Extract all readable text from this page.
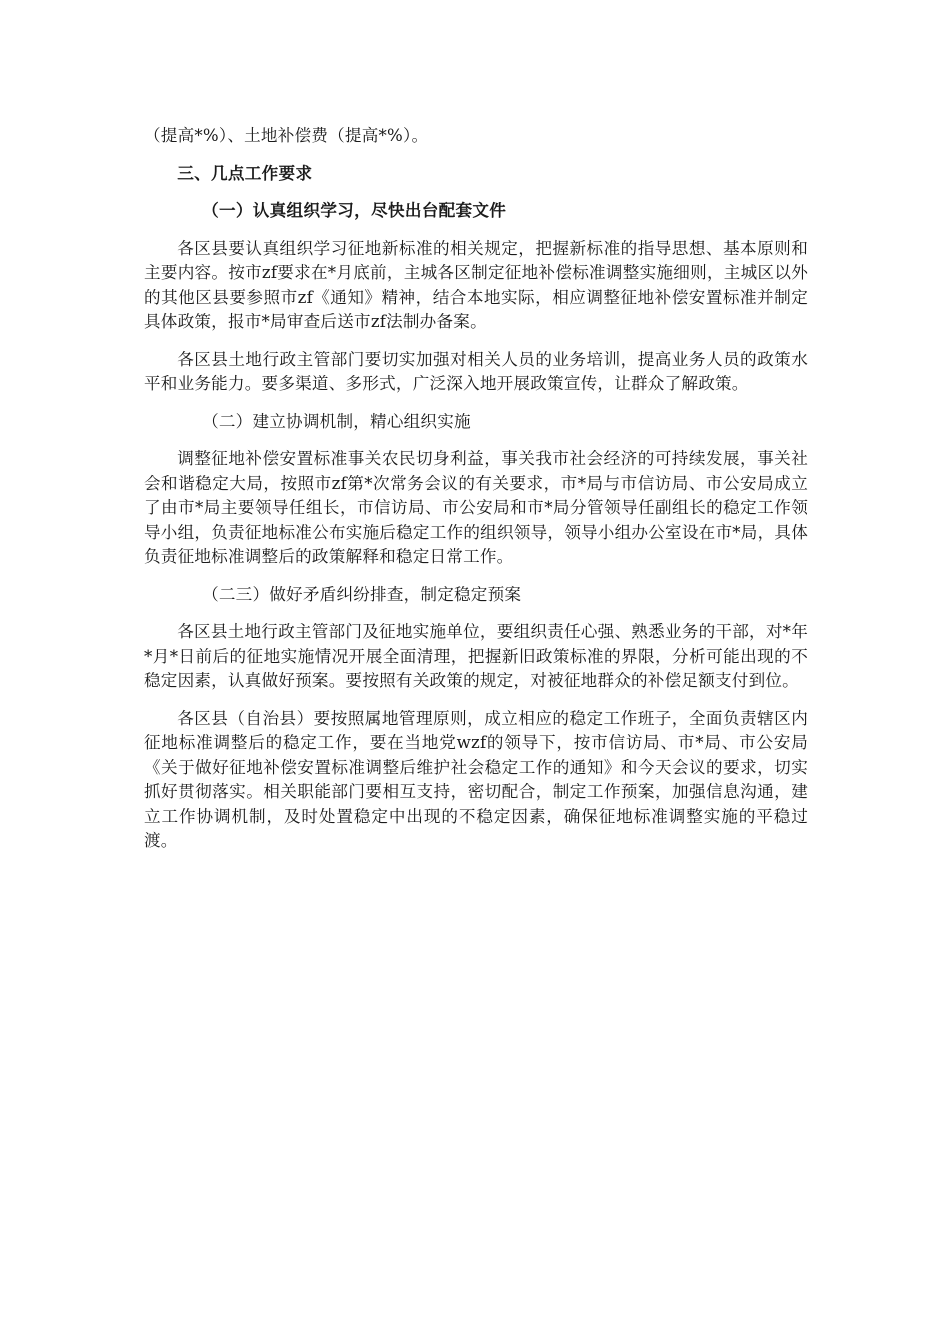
（提高*%）、土地补偿费（提高*%）。

三、几点工作要求

（一）认真组织学习，尽快出台配套文件

各区县要认真组织学习征地新标准的相关规定，把握新标准的指导思想、基本原则和主要内容。按市zf要求在*月底前，主城各区制定征地补偿标准调整实施细则，主城区以外的其他区县要参照市zf《通知》精神，结合本地实际，相应调整征地补偿安置标准并制定具体政策，报市*局审查后送市zf法制办备案。

各区县土地行政主管部门要切实加强对相关人员的业务培训，提高业务人员的政策水平和业务能力。要多渠道、多形式，广泛深入地开展政策宣传，让群众了解政策。

（二）建立协调机制，精心组织实施

调整征地补偿安置标准事关农民切身利益，事关我市社会经济的可持续发展，事关社会和谐稳定大局，按照市zf第*次常务会议的有关要求，市*局与市信访局、市公安局成立了由市*局主要领导任组长，市信访局、市公安局和市*局分管领导任副组长的稳定工作领导小组，负责征地标准公布实施后稳定工作的组织领导，领导小组办公室设在市*局，具体负责征地标准调整后的政策解释和稳定日常工作。

（二三）做好矛盾纠纷排查，制定稳定预案

各区县土地行政主管部门及征地实施单位，要组织责任心强、熟悉业务的干部，对*年*月*日前后的征地实施情况开展全面清理，把握新旧政策标准的界限，分析可能出现的不稳定因素，认真做好预案。要按照有关政策的规定，对被征地群众的补偿足额支付到位。

各区县（自治县）要按照属地管理原则，成立相应的稳定工作班子，全面负责辖区内征地标准调整后的稳定工作，要在当地党wzf的领导下，按市信访局、市*局、市公安局《关于做好征地补偿安置标准调整后维护社会稳定工作的通知》和今天会议的要求，切实抓好贯彻落实。相关职能部门要相互支持，密切配合，制定工作预案，加强信息沟通，建立工作协调机制，及时处置稳定中出现的不稳定因素，确保征地标准调整实施的平稳过渡。
